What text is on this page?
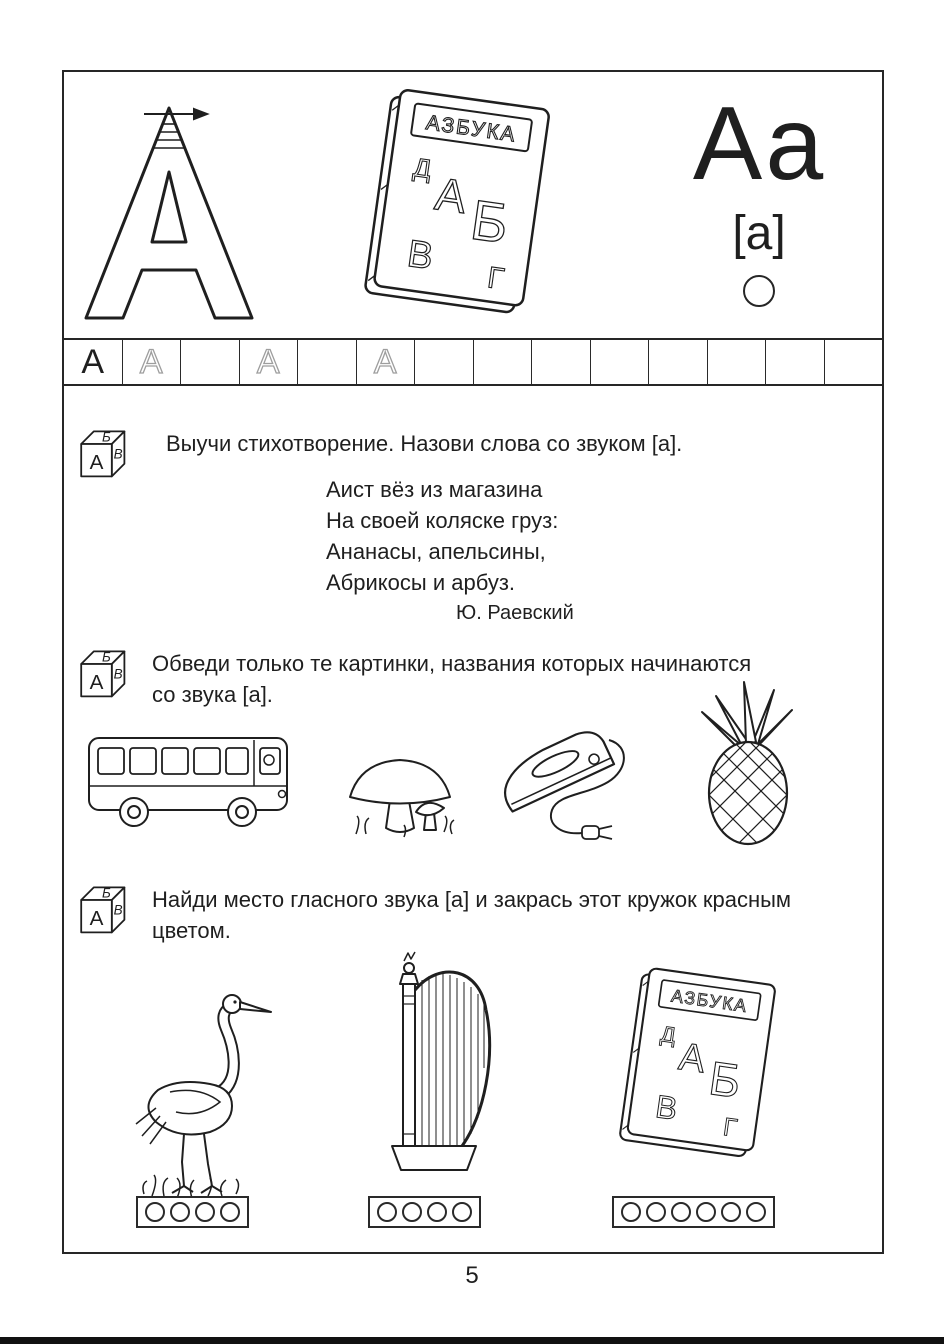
АЗБУКА
Д
А
Б
В
Г
Аа
[а]
А А	А	А
А
Б
В Выучи стихотворение. Назови слова со звуком [а].
Аист вёз из магазина
На своей коляске груз:
Ананасы, апельсины,
Абрикосы и арбуз.
Ю. Раевский
А
Б
В Обведи только те картинки, названия которых начинаются со звука [а].
А
Б
В Найди место гласного звука [а] и закрась этот кружок красным цветом.
АЗБУКА
Д
А
Б
В
Г
5
